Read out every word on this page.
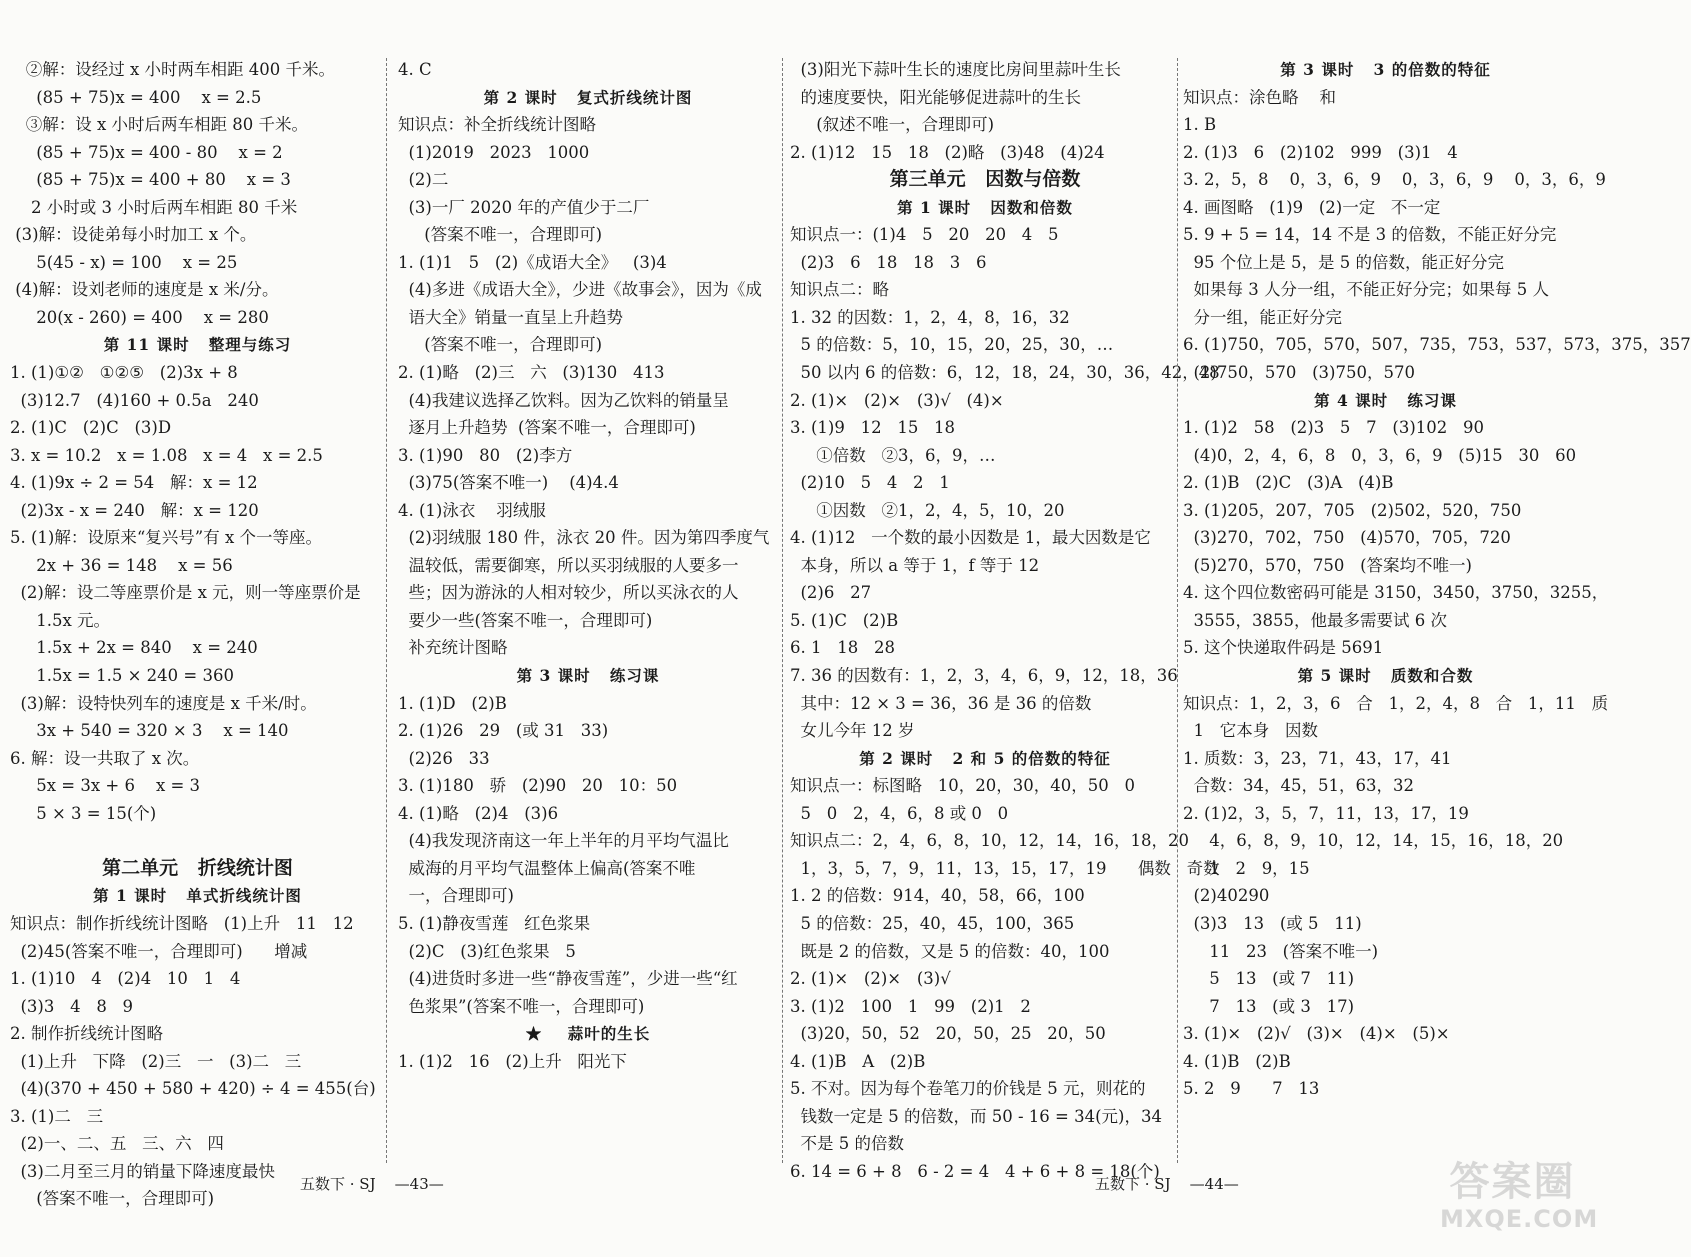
②解：设经过 x 小时两车相距 400 千米。
(85 + 75)x = 400    x = 2.5
③解：设 x 小时后两车相距 80 千米。
(85 + 75)x = 400 - 80    x = 2
(85 + 75)x = 400 + 80    x = 3
2 小时或 3 小时后两车相距 80 千米
(3)解：设徒弟每小时加工 x 个。
5(45 - x) = 100    x = 25
(4)解：设刘老师的速度是 x 米/分。
20(x - 260) = 400    x = 280
第 11 课时   整理与练习
1. (1)①②   ①②⑤   (2)3x + 8
(3)12.7   (4)160 + 0.5a   240
2. (1)C   (2)C   (3)D
3. x = 10.2   x = 1.08   x = 4   x = 2.5
4. (1)9x ÷ 2 = 54   解：x = 12
(2)3x - x = 240   解：x = 120
5. (1)解：设原来“复兴号”有 x 个一等座。
2x + 36 = 148    x = 56
(2)解：设二等座票价是 x 元，则一等座票价是
1.5x 元。
1.5x + 2x = 840    x = 240
1.5x = 1.5 × 240 = 360
(3)解：设特快列车的速度是 x 千米/时。
3x + 540 = 320 × 3    x = 140
6. 解：设一共取了 x 次。
5x = 3x + 6    x = 3
5 × 3 = 15(个)
第二单元   折线统计图
第 1 课时   单式折线统计图
知识点：制作折线统计图略   (1)上升   11   12
(2)45(答案不唯一，合理即可)      增减
1. (1)10   4   (2)4   10   1   4
(3)3   4   8   9
2. 制作折线统计图略
(1)上升   下降   (2)三   一   (3)二   三
(4)(370 + 450 + 580 + 420) ÷ 4 = 455(台)
3. (1)二   三
(2)一、二、五   三、六   四
(3)二月至三月的销量下降速度最快
(答案不唯一，合理即可)
4. C
第 2 课时   复式折线统计图
知识点：补全折线统计图略
(1)2019   2023   1000
(2)二
(3)一厂 2020 年的产值少于二厂
(答案不唯一，合理即可)
1. (1)1   5   (2)《成语大全》   (3)4
(4)多进《成语大全》，少进《故事会》，因为《成
语大全》销量一直呈上升趋势
(答案不唯一，合理即可)
2. (1)略   (2)三   六   (3)130   413
(4)我建议选择乙饮料。因为乙饮料的销量呈
逐月上升趋势  (答案不唯一，合理即可)
3. (1)90   80   (2)李方
(3)75(答案不唯一)    (4)4.4
4. (1)泳衣    羽绒服
(2)羽绒服 180 件，泳衣 20 件。因为第四季度气
温较低，需要御寒，所以买羽绒服的人要多一
些；因为游泳的人相对较少，所以买泳衣的人
要少一些(答案不唯一，合理即可)
补充统计图略
第 3 课时   练习课
1. (1)D   (2)B
2. (1)26   29   (或 31   33)
(2)26   33
3. (1)180   骄   (2)90   20   10：50
4. (1)略   (2)4   (3)6
(4)我发现济南这一年上半年的月平均气温比
威海的月平均气温整体上偏高(答案不唯
一，合理即可)
5. (1)静夜雪莲   红色浆果
(2)C   (3)红色浆果   5
(4)进货时多进一些“静夜雪莲”，少进一些“红
色浆果”(答案不唯一，合理即可)
★    蒜叶的生长
1. (1)2   16   (2)上升   阳光下
(3)阳光下蒜叶生长的速度比房间里蒜叶生长
的速度要快，阳光能够促进蒜叶的生长
(叙述不唯一，合理即可)
2. (1)12   15   18   (2)略   (3)48   (4)24
第三单元   因数与倍数
第 1 课时   因数和倍数
知识点一：(1)4   5   20   20   4   5
(2)3   6   18   18   3   6
知识点二：略
1. 32 的因数：1，2，4，8，16，32
5 的倍数：5，10，15，20，25，30，…
50 以内 6 的倍数：6，12，18，24，30，36，42，48
2. (1)×   (2)×   (3)√   (4)×
3. (1)9   12   15   18
①倍数   ②3，6，9，…
(2)10   5   4   2   1
①因数   ②1，2，4，5，10，20
4. (1)12   一个数的最小因数是 1，最大因数是它
本身，所以 a 等于 1，f 等于 12
(2)6   27
5. (1)C   (2)B
6. 1   18   28
7. 36 的因数有：1，2，3，4，6，9，12，18，36
其中：12 × 3 = 36，36 是 36 的倍数
女儿今年 12 岁
第 2 课时   2 和 5 的倍数的特征
知识点一：标图略   10，20，30，40，50   0
5   0   2，4，6，8 或 0   0
知识点二：2，4，6，8，10，12，14，16，18，20
1，3，5，7，9，11，13，15，17，19      偶数   奇数
1. 2 的倍数：914，40，58，66，100
5 的倍数：25，40，45，100，365
既是 2 的倍数，又是 5 的倍数：40，100
2. (1)×   (2)×   (3)√
3. (1)2   100   1   99   (2)1   2
(3)20，50，52   20，50，25   20，50
4. (1)B   A   (2)B
5. 不对。因为每个卷笔刀的价钱是 5 元，则花的
钱数一定是 5 的倍数，而 50 - 16 = 34(元)，34
不是 5 的倍数
6. 14 = 6 + 8   6 - 2 = 4   4 + 6 + 8 = 18(个)
第 3 课时   3 的倍数的特征
知识点：涂色略    和
1. B
2. (1)3   6   (2)102   999   (3)1   4
3. 2，5，8    0，3，6，9    0，3，6，9    0，3，6，9
4. 画图略   (1)9   (2)一定   不一定
5. 9 + 5 = 14，14 不是 3 的倍数，不能正好分完
95 个位上是 5，是 5 的倍数，能正好分完
如果每 3 人分一组，不能正好分完；如果每 5 人
分一组，能正好分完
6. (1)750，705，570，507，735，753，537，573，375，357
(2)750，570   (3)750，570
第 4 课时   练习课
1. (1)2   58   (2)3   5   7   (3)102   90
(4)0，2，4，6，8   0，3，6，9   (5)15   30   60
2. (1)B   (2)C   (3)A   (4)B
3. (1)205，207，705   (2)502，520，750
(3)270，702，750   (4)570，705，720
(5)270，570，750   (答案均不唯一)
4. 这个四位数密码可能是 3150，3450，3750，3255，
3555，3855，他最多需要试 6 次
5. 这个快递取件码是 5691
第 5 课时   质数和合数
知识点：1，2，3，6   合   1，2，4，8   合   1，11   质
1   它本身   因数
1. 质数：3，23，71，43，17，41
合数：34，45，51，63，32
2. (1)2，3，5，7，11，13，17，19
4，6，8，9，10，12，14，15，16，18，20
1   2   9，15
(2)40290
(3)3   13   (或 5   11)
11   23   (答案不唯一)
5   13   (或 7   11)
7   13   (或 3   17)
3. (1)×   (2)√   (3)×   (4)×   (5)×
4. (1)B   (2)B
5. 2   9      7   13
五数下 · SJ    —43—	五数下 · SJ    —44—	答案圈
MXQE.COM
